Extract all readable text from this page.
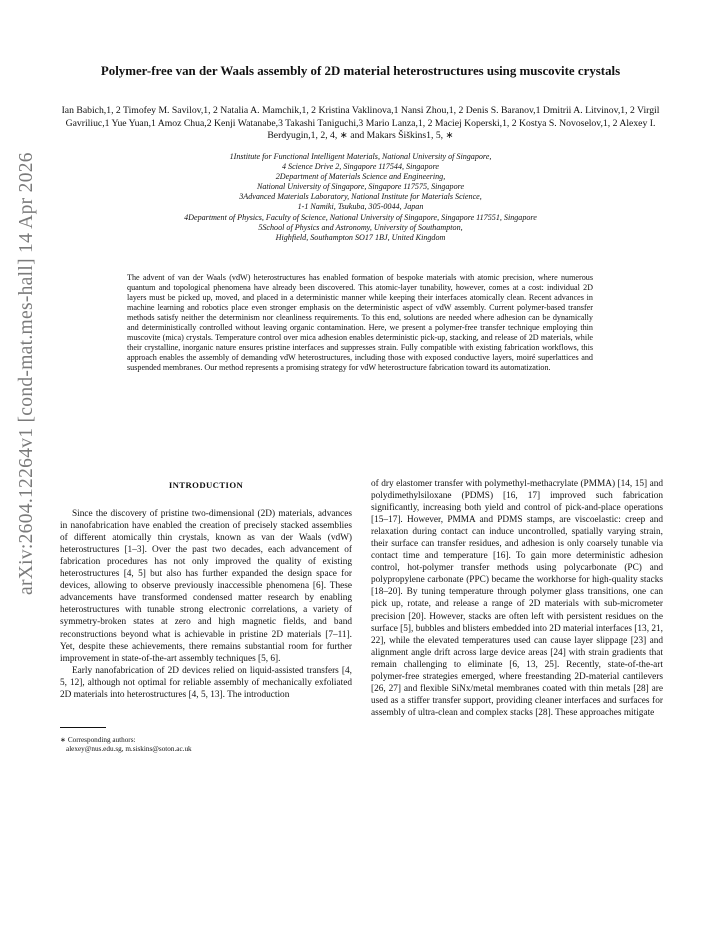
arXiv:2604.12264v1 [cond-mat.mes-hall] 14 Apr 2026
Polymer-free van der Waals assembly of 2D material heterostructures using muscovite crystals
Ian Babich,1, 2 Timofey M. Savilov,1, 2 Natalia A. Mamchik,1, 2 Kristina Vaklinova,1 Nansi Zhou,1, 2 Denis S. Baranov,1 Dmitrii A. Litvinov,1, 2 Virgil Gavriliuc,1 Yue Yuan,1 Amoz Chua,2 Kenji Watanabe,3 Takashi Taniguchi,3 Mario Lanza,1, 2 Maciej Koperski,1, 2 Kostya S. Novoselov,1, 2 Alexey I. Berdyugin,1, 2, 4, ∗ and Makars Šiškins1, 5, ∗
1Institute for Functional Intelligent Materials, National University of Singapore,
4 Science Drive 2, Singapore 117544, Singapore
2Department of Materials Science and Engineering,
National University of Singapore, Singapore 117575, Singapore
3Advanced Materials Laboratory, National Institute for Materials Science,
1-1 Namiki, Tsukuba, 305-0044, Japan
4Department of Physics, Faculty of Science, National University of Singapore, Singapore 117551, Singapore
5School of Physics and Astronomy, University of Southampton,
Highfield, Southampton SO17 1BJ, United Kingdom
The advent of van der Waals (vdW) heterostructures has enabled formation of bespoke materials with atomic precision, where numerous quantum and topological phenomena have already been discovered. This atomic-layer tunability, however, comes at a cost: individual 2D layers must be picked up, moved, and placed in a deterministic manner while keeping their interfaces atomically clean. Recent advances in machine learning and robotics place even stronger emphasis on the deterministic aspect of vdW assembly. Current polymer-based transfer methods satisfy neither the determinism nor cleanliness requirements. To this end, solutions are needed where adhesion can be dynamically and deterministically controlled without leaving organic contamination. Here, we present a polymer-free transfer technique employing thin muscovite (mica) crystals. Temperature control over mica adhesion enables deterministic pick-up, stacking, and release of 2D materials, while their crystalline, inorganic nature ensures pristine interfaces and suppresses strain. Fully compatible with existing fabrication workflows, this approach enables the assembly of demanding vdW heterostructures, including those with exposed conductive layers, moiré superlattices and suspended membranes. Our method represents a promising strategy for vdW heterostructure fabrication toward its automatization.
INTRODUCTION

Since the discovery of pristine two-dimensional (2D) materials, advances in nanofabrication have enabled the creation of precisely stacked assemblies of different atomically thin crystals, known as van der Waals (vdW) heterostructures [1–3]. Over the past two decades, each advancement of fabrication procedures has not only improved the quality of existing heterostructures [4, 5] but also has further expanded the design space for devices, allowing to observe previously inaccessible phenomena [6]. These advancements have transformed condensed matter research by enabling heterostructures with tunable strong electronic correlations, a variety of symmetry-broken states at zero and high magnetic fields, and band reconstructions beyond what is achievable in pristine 2D materials [7–11]. Yet, despite these achievements, there remains substantial room for further improvement in state-of-the-art assembly techniques [5, 6].

Early nanofabrication of 2D devices relied on liquid-assisted transfers [4, 5, 12], although not optimal for reliable assembly of mechanically exfoliated 2D materials into heterostructures [4, 5, 13]. The introduction

∗ Corresponding authors:
alexey@nus.edu.sg, m.siskins@soton.ac.uk

of dry elastomer transfer with polymethyl-methacrylate (PMMA) [14, 15] and polydimethylsiloxane (PDMS) [16, 17] improved such fabrication significantly, increasing both yield and control of pick-and-place operations [15–17]. However, PMMA and PDMS stamps, are viscoelastic: creep and relaxation during contact can induce uncontrolled, spatially varying strain, their surface can transfer residues, and adhesion is only coarsely tunable via contact time and temperature [16]. To gain more deterministic adhesion control, hot-polymer transfer methods using polycarbonate (PC) and polypropylene carbonate (PPC) became the workhorse for high-quality stacks [18–20]. By tuning temperature through polymer glass transitions, one can pick up, rotate, and release a range of 2D materials with sub-micrometer precision [20]. However, stacks are often left with persistent residues on the surface [5], bubbles and blisters embedded into 2D material interfaces [13, 21, 22], while the elevated temperatures used can cause layer slippage [23] and alignment angle drift across large device areas [24] with strain gradients that remain challenging to eliminate [6, 13, 25]. Recently, state-of-the-art polymer-free strategies emerged, where freestanding 2D-material cantilevers [26, 27] and flexible SiNx/metal membranes coated with thin metals [28] are used as a stiffer transfer support, providing cleaner interfaces and surfaces for assembly of ultra-clean and complex stacks [28]. These approaches mitigate
